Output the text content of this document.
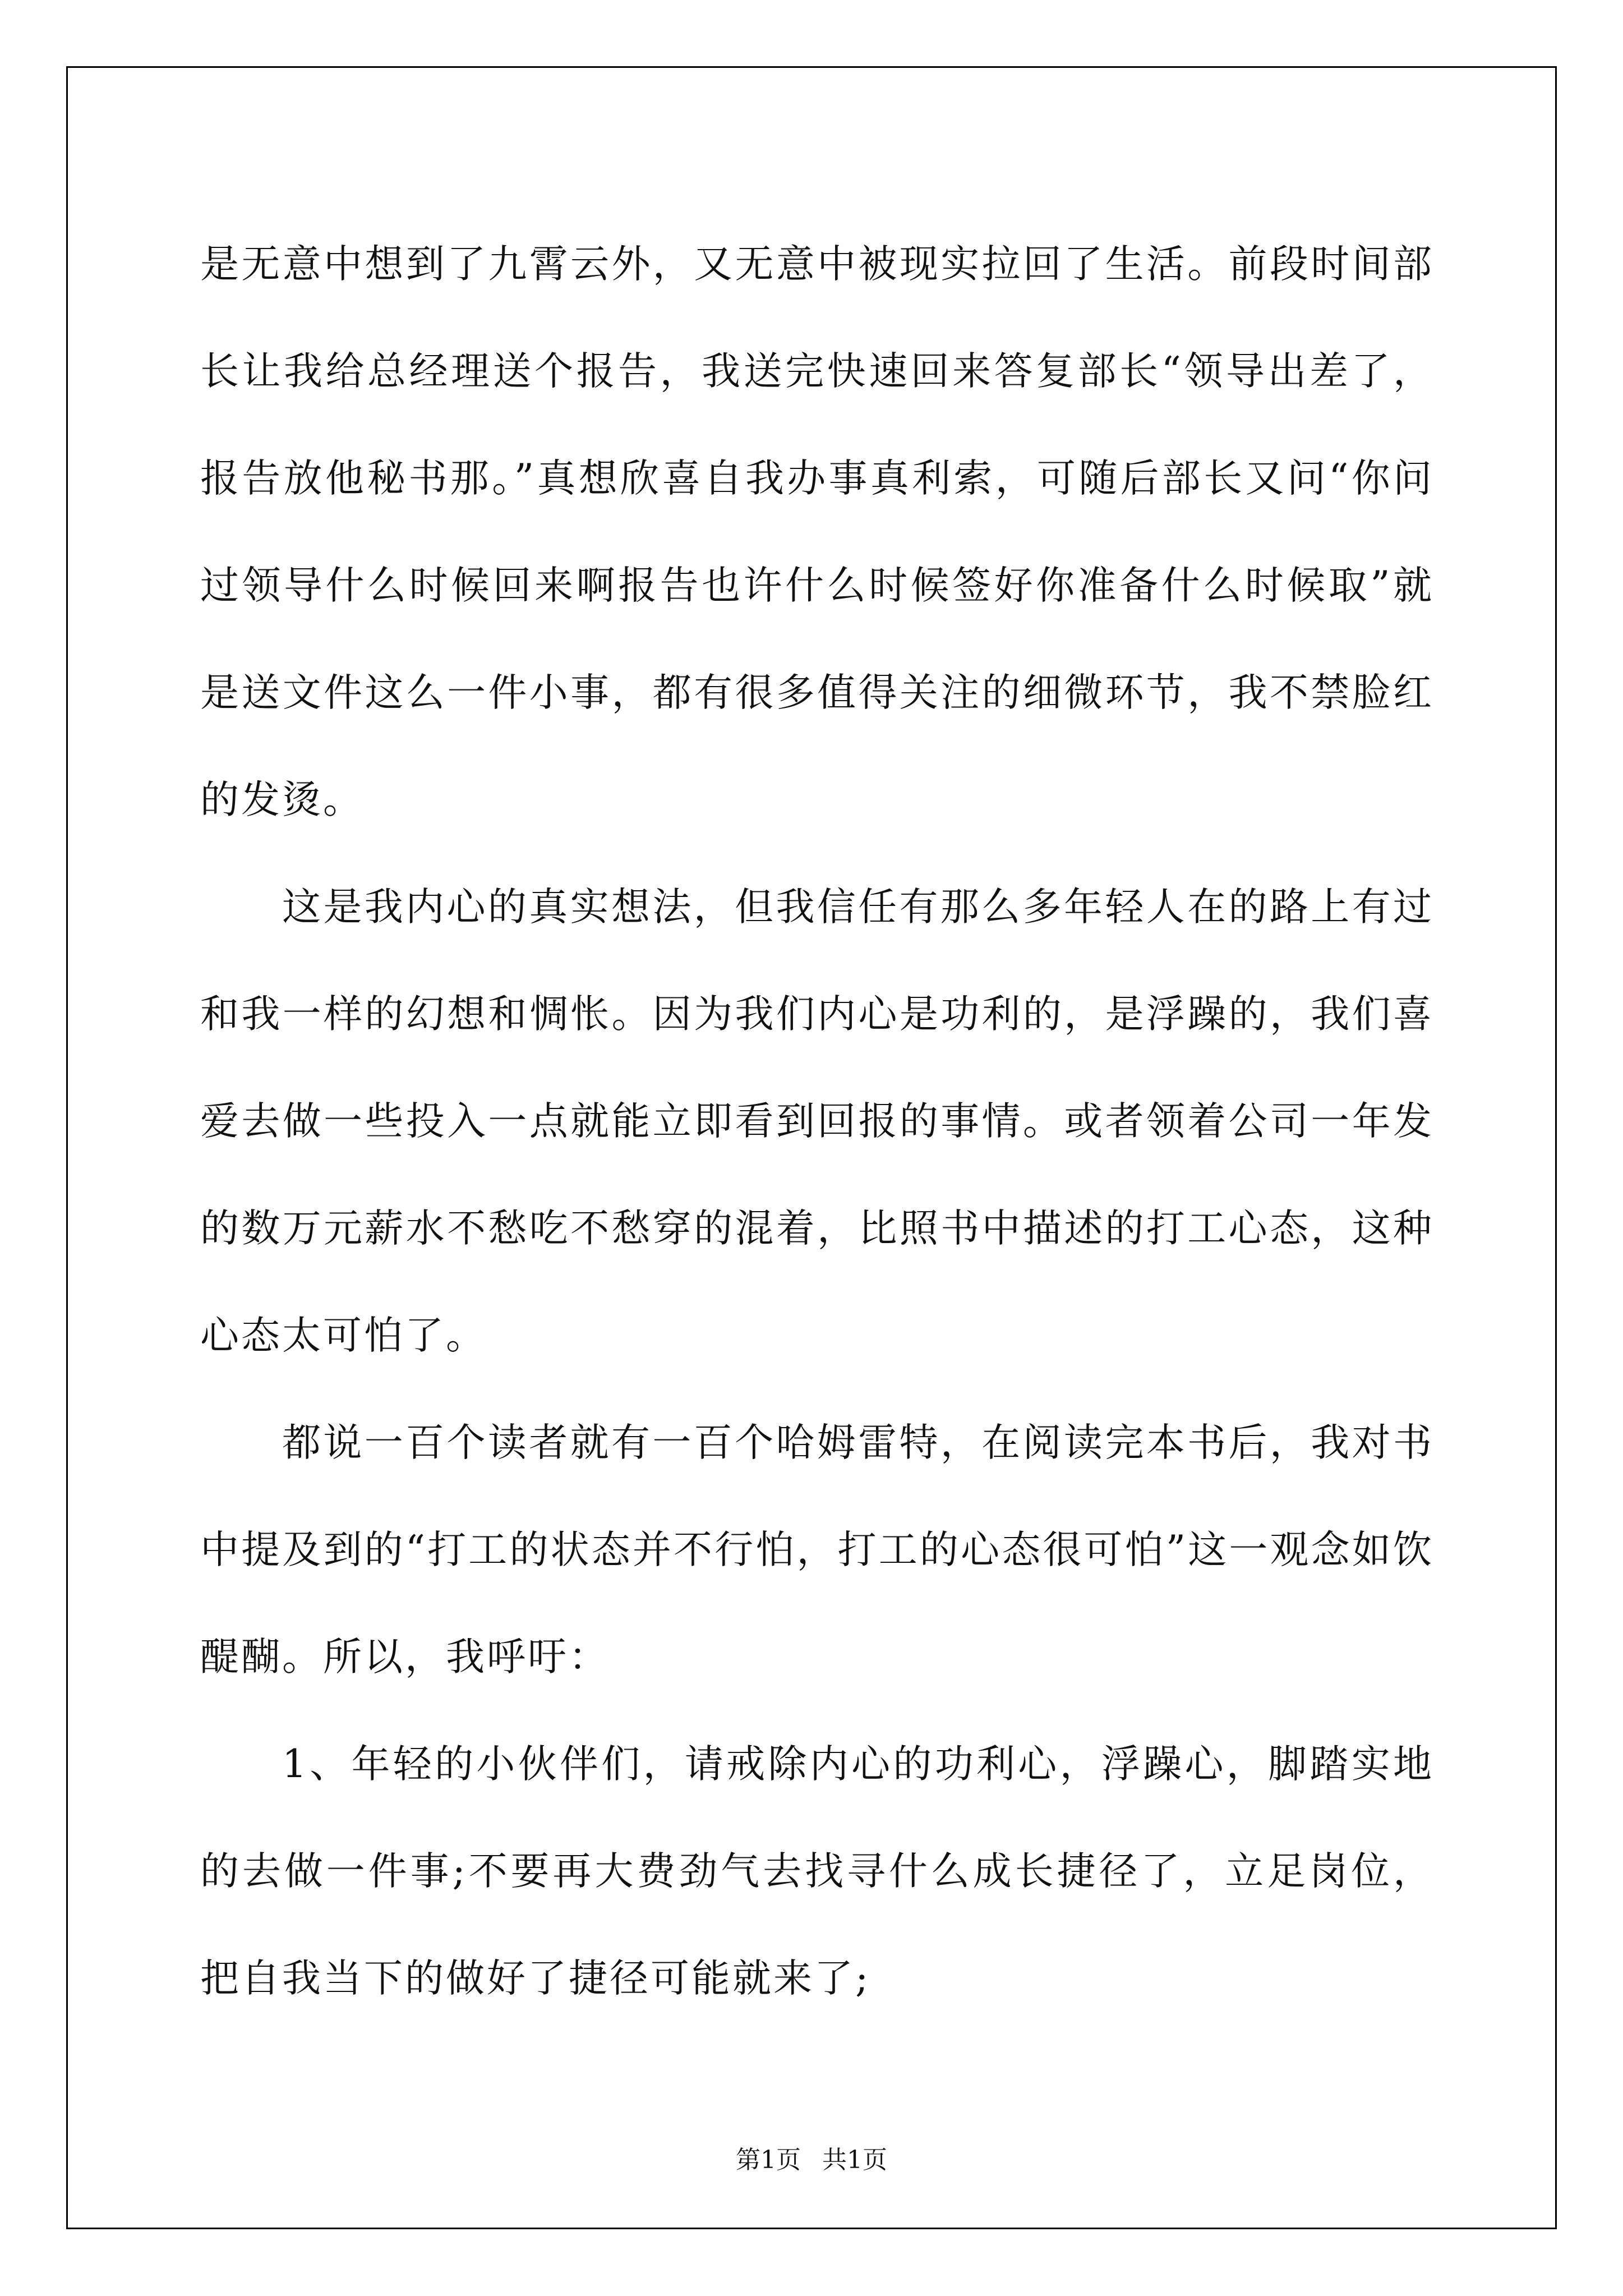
是无意中想到了九霄云外，又无意中被现实拉回了生活。前段时间部长让我给总经理送个报告，我送完快速回来答复部长“领导出差了，报告放他秘书那。”真想欣喜自我办事真利索，可随后部长又问“你问过领导什么时候回来啊报告也许什么时候签好你准备什么时候取”就是送文件这么一件小事，都有很多值得关注的细微环节，我不禁脸红的发烫。

这是我内心的真实想法，但我信任有那么多年轻人在的路上有过和我一样的幻想和惆怅。因为我们内心是功利的，是浮躁的，我们喜爱去做一些投入一点就能立即看到回报的事情。或者领着公司一年发的数万元薪水不愁吃不愁穿的混着，比照书中描述的打工心态，这种心态太可怕了。

都说一百个读者就有一百个哈姆雷特，在阅读完本书后，我对书中提及到的“打工的状态并不行怕，打工的心态很可怕”这一观念如饮醍醐。所以，我呼吁：

1、年轻的小伙伴们，请戒除内心的功利心，浮躁心，脚踏实地的去做一件事;不要再大费劲气去找寻什么成长捷径了，立足岗位，把自我当下的做好了捷径可能就来了;

第1页 共1页
